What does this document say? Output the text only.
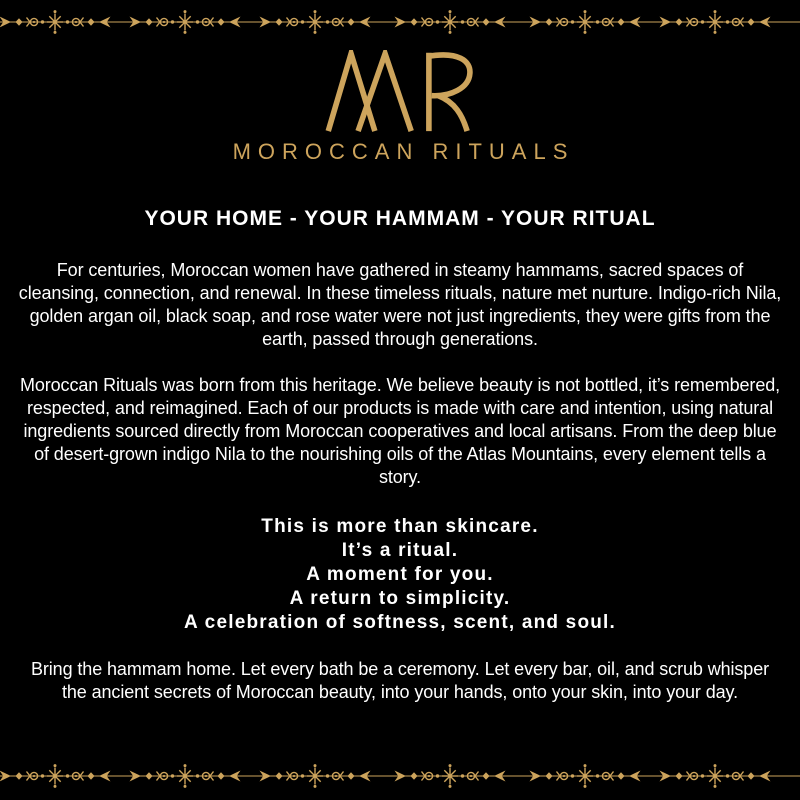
MOROCCAN RITUALS
YOUR HOME - YOUR HAMMAM - YOUR RITUAL

For centuries, Moroccan women have gathered in steamy hammams, sacred spaces of cleansing, connection, and renewal. In these timeless rituals, nature met nurture. Indigo-rich Nila, golden argan oil, black soap, and rose water were not just ingredients, they were gifts from the earth, passed through generations.

Moroccan Rituals was born from this heritage. We believe beauty is not bottled, it’s remembered, respected, and reimagined. Each of our products is made with care and intention, using natural ingredients sourced directly from Moroccan cooperatives and local artisans. From the deep blue of desert-grown indigo Nila to the nourishing oils of the Atlas Mountains, every element tells a story.

This is more than skincare.
It’s a ritual.
A moment for you.
A return to simplicity.
A celebration of softness, scent, and soul.

Bring the hammam home. Let every bath be a ceremony. Let every bar, oil, and scrub whisper the ancient secrets of Moroccan beauty, into your hands, onto your skin, into your day.
